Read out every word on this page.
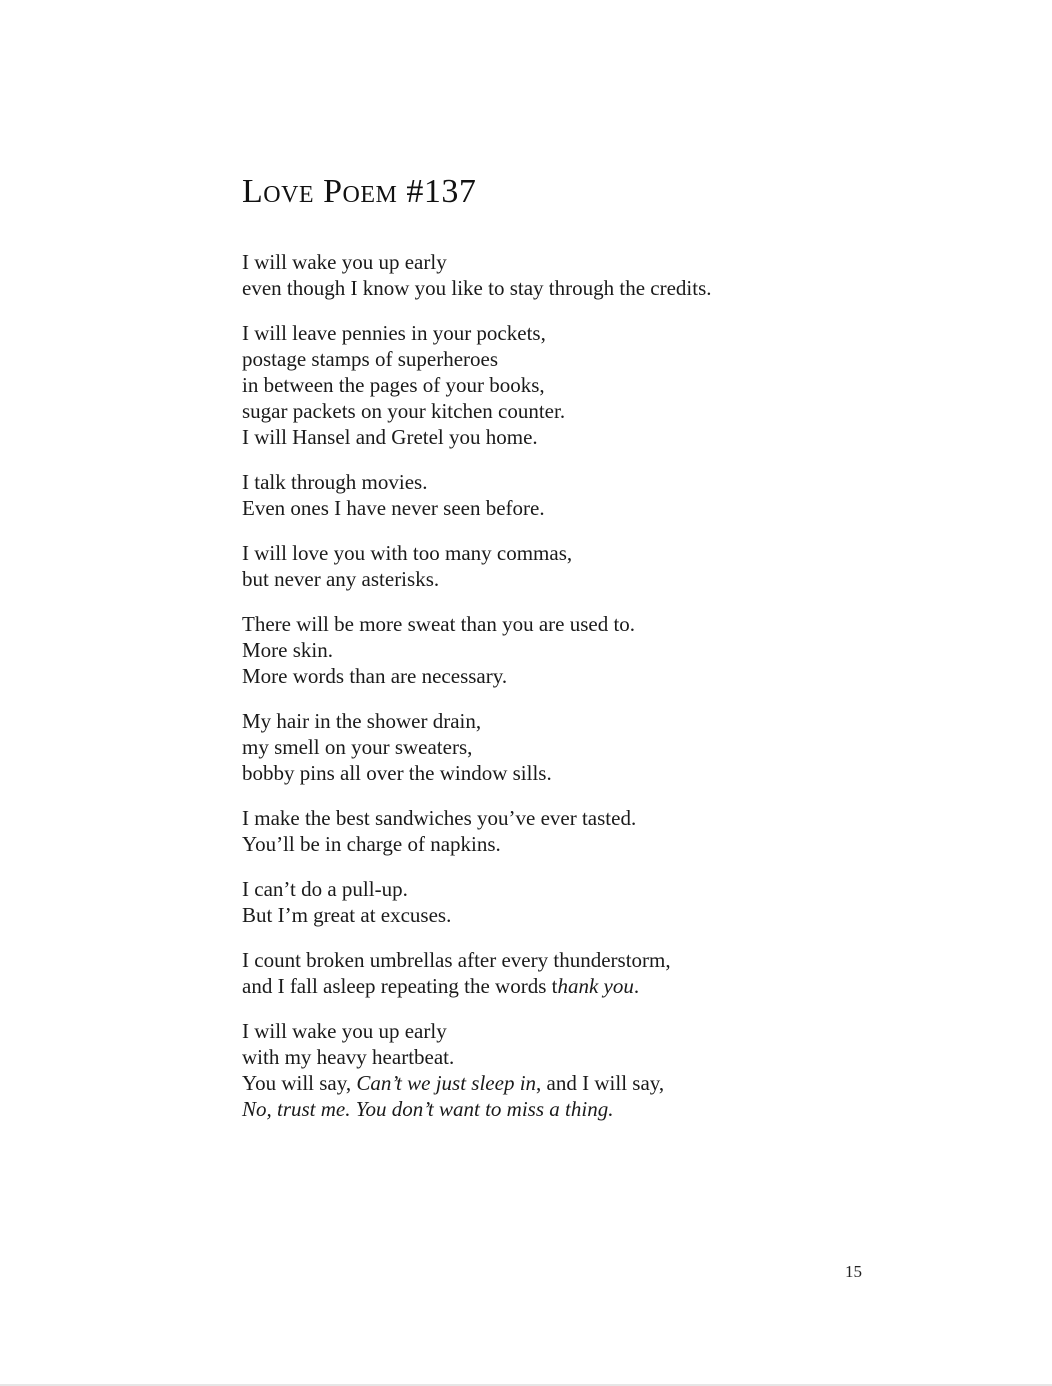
Love Poem #137

I will wake you up early
even though I know you like to stay through the credits.

I will leave pennies in your pockets,
postage stamps of superheroes
in between the pages of your books,
sugar packets on your kitchen counter.
I will Hansel and Gretel you home.

I talk through movies.
Even ones I have never seen before.

I will love you with too many commas,
but never any asterisks.

There will be more sweat than you are used to.
More skin.
More words than are necessary.

My hair in the shower drain,
my smell on your sweaters,
bobby pins all over the window sills.

I make the best sandwiches you’ve ever tasted.
You’ll be in charge of napkins.

I can’t do a pull-up.
But I’m great at excuses.

I count broken umbrellas after every thunderstorm,
and I fall asleep repeating the words thank you.

I will wake you up early
with my heavy heartbeat.
You will say, Can’t we just sleep in, and I will say,
No, trust me. You don’t want to miss a thing.

15
